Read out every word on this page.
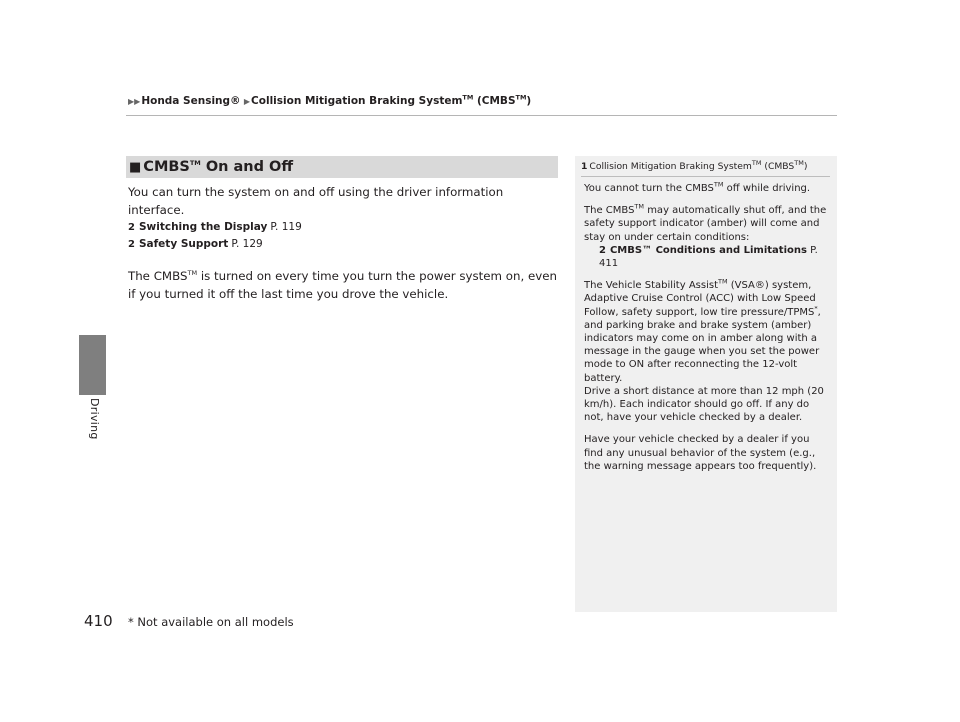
▶▶Honda Sensing® ▶Collision Mitigation Braking System™ (CMBS™)
Driving
■ CMBS™ On and Off

You can turn the system on and off using the driver information interface.

2 Switching the Display P. 119
2 Safety Support P. 129

The CMBS™ is turned on every time you turn the power system on, even if you turned it off the last time you drove the vehicle.

1 Collision Mitigation Braking System™ (CMBS™)

You cannot turn the CMBS™ off while driving.

The CMBS™ may automatically shut off, and the safety support indicator (amber) will come and stay on under certain conditions:

2 CMBS™ Conditions and Limitations P. 411

The Vehicle Stability Assist™ (VSA®) system, Adaptive Cruise Control (ACC) with Low Speed Follow, safety support, low tire pressure/TPMS*, and parking brake and brake system (amber) indicators may come on in amber along with a message in the gauge when you set the power mode to ON after reconnecting the 12-volt battery.

Drive a short distance at more than 12 mph (20 km/h). Each indicator should go off. If any do not, have your vehicle checked by a dealer.

Have your vehicle checked by a dealer if you find any unusual behavior of the system (e.g., the warning message appears too frequently).

410 * Not available on all models
